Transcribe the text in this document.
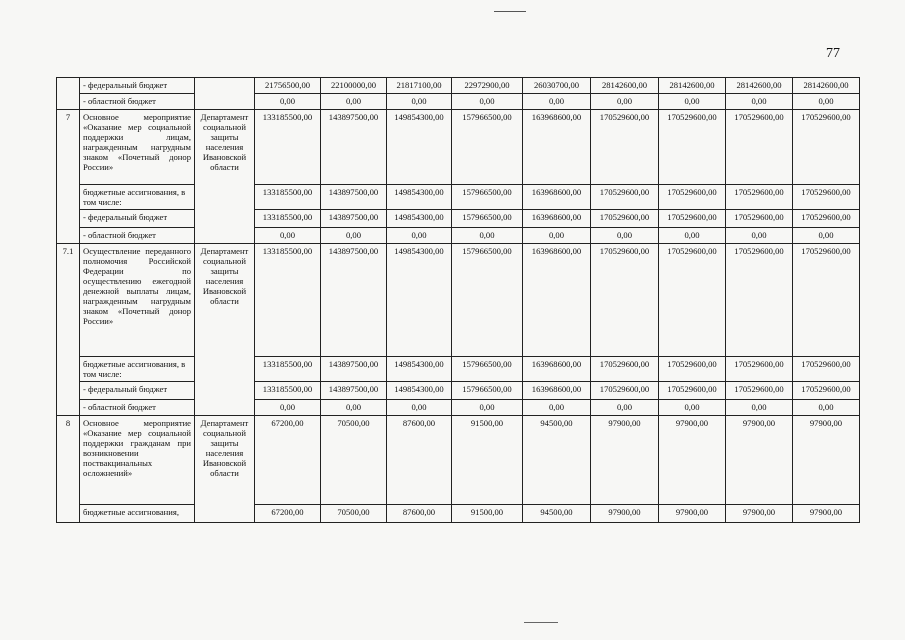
77
	- федеральный бюджет		21756500,00	22100000,00	21817100,00	22972900,00	26030700,00	28142600,00	28142600,00	28142600,00	28142600,00
	- областной бюджет		0,00	0,00	0,00	0,00	0,00	0,00	0,00	0,00	0,00
7	Основное мероприятие «Оказание мер социальной поддержки лицам, награжденным нагрудным знаком «Почетный донор России»	Департамент социальной защиты населения Ивановской области	133185500,00	143897500,00	149854300,00	157966500,00	163968600,00	170529600,00	170529600,00	170529600,00	170529600,00
	бюджетные ассигнования, в том числе:		133185500,00	143897500,00	149854300,00	157966500,00	163968600,00	170529600,00	170529600,00	170529600,00	170529600,00
	- федеральный бюджет		133185500,00	143897500,00	149854300,00	157966500,00	163968600,00	170529600,00	170529600,00	170529600,00	170529600,00
	- областной бюджет		0,00	0,00	0,00	0,00	0,00	0,00	0,00	0,00	0,00
7.1	Осуществление переданного полномочия Российской Федерации по осуществлению ежегодной денежной выплаты лицам, награжденным нагрудным знаком «Почетный донор России»	Департамент социальной защиты населения Ивановской области	133185500,00	143897500,00	149854300,00	157966500,00	163968600,00	170529600,00	170529600,00	170529600,00	170529600,00
	бюджетные ассигнования, в том числе:		133185500,00	143897500,00	149854300,00	157966500,00	163968600,00	170529600,00	170529600,00	170529600,00	170529600,00
	- федеральный бюджет		133185500,00	143897500,00	149854300,00	157966500,00	163968600,00	170529600,00	170529600,00	170529600,00	170529600,00
	- областной бюджет		0,00	0,00	0,00	0,00	0,00	0,00	0,00	0,00	0,00
8	Основное мероприятие «Оказание мер социальной поддержки гражданам при возникновении поствакцинальных осложнений»	Департамент социальной защиты населения Ивановской области	67200,00	70500,00	87600,00	91500,00	94500,00	97900,00	97900,00	97900,00	97900,00
	бюджетные ассигнования,		67200,00	70500,00	87600,00	91500,00	94500,00	97900,00	97900,00	97900,00	97900,00
